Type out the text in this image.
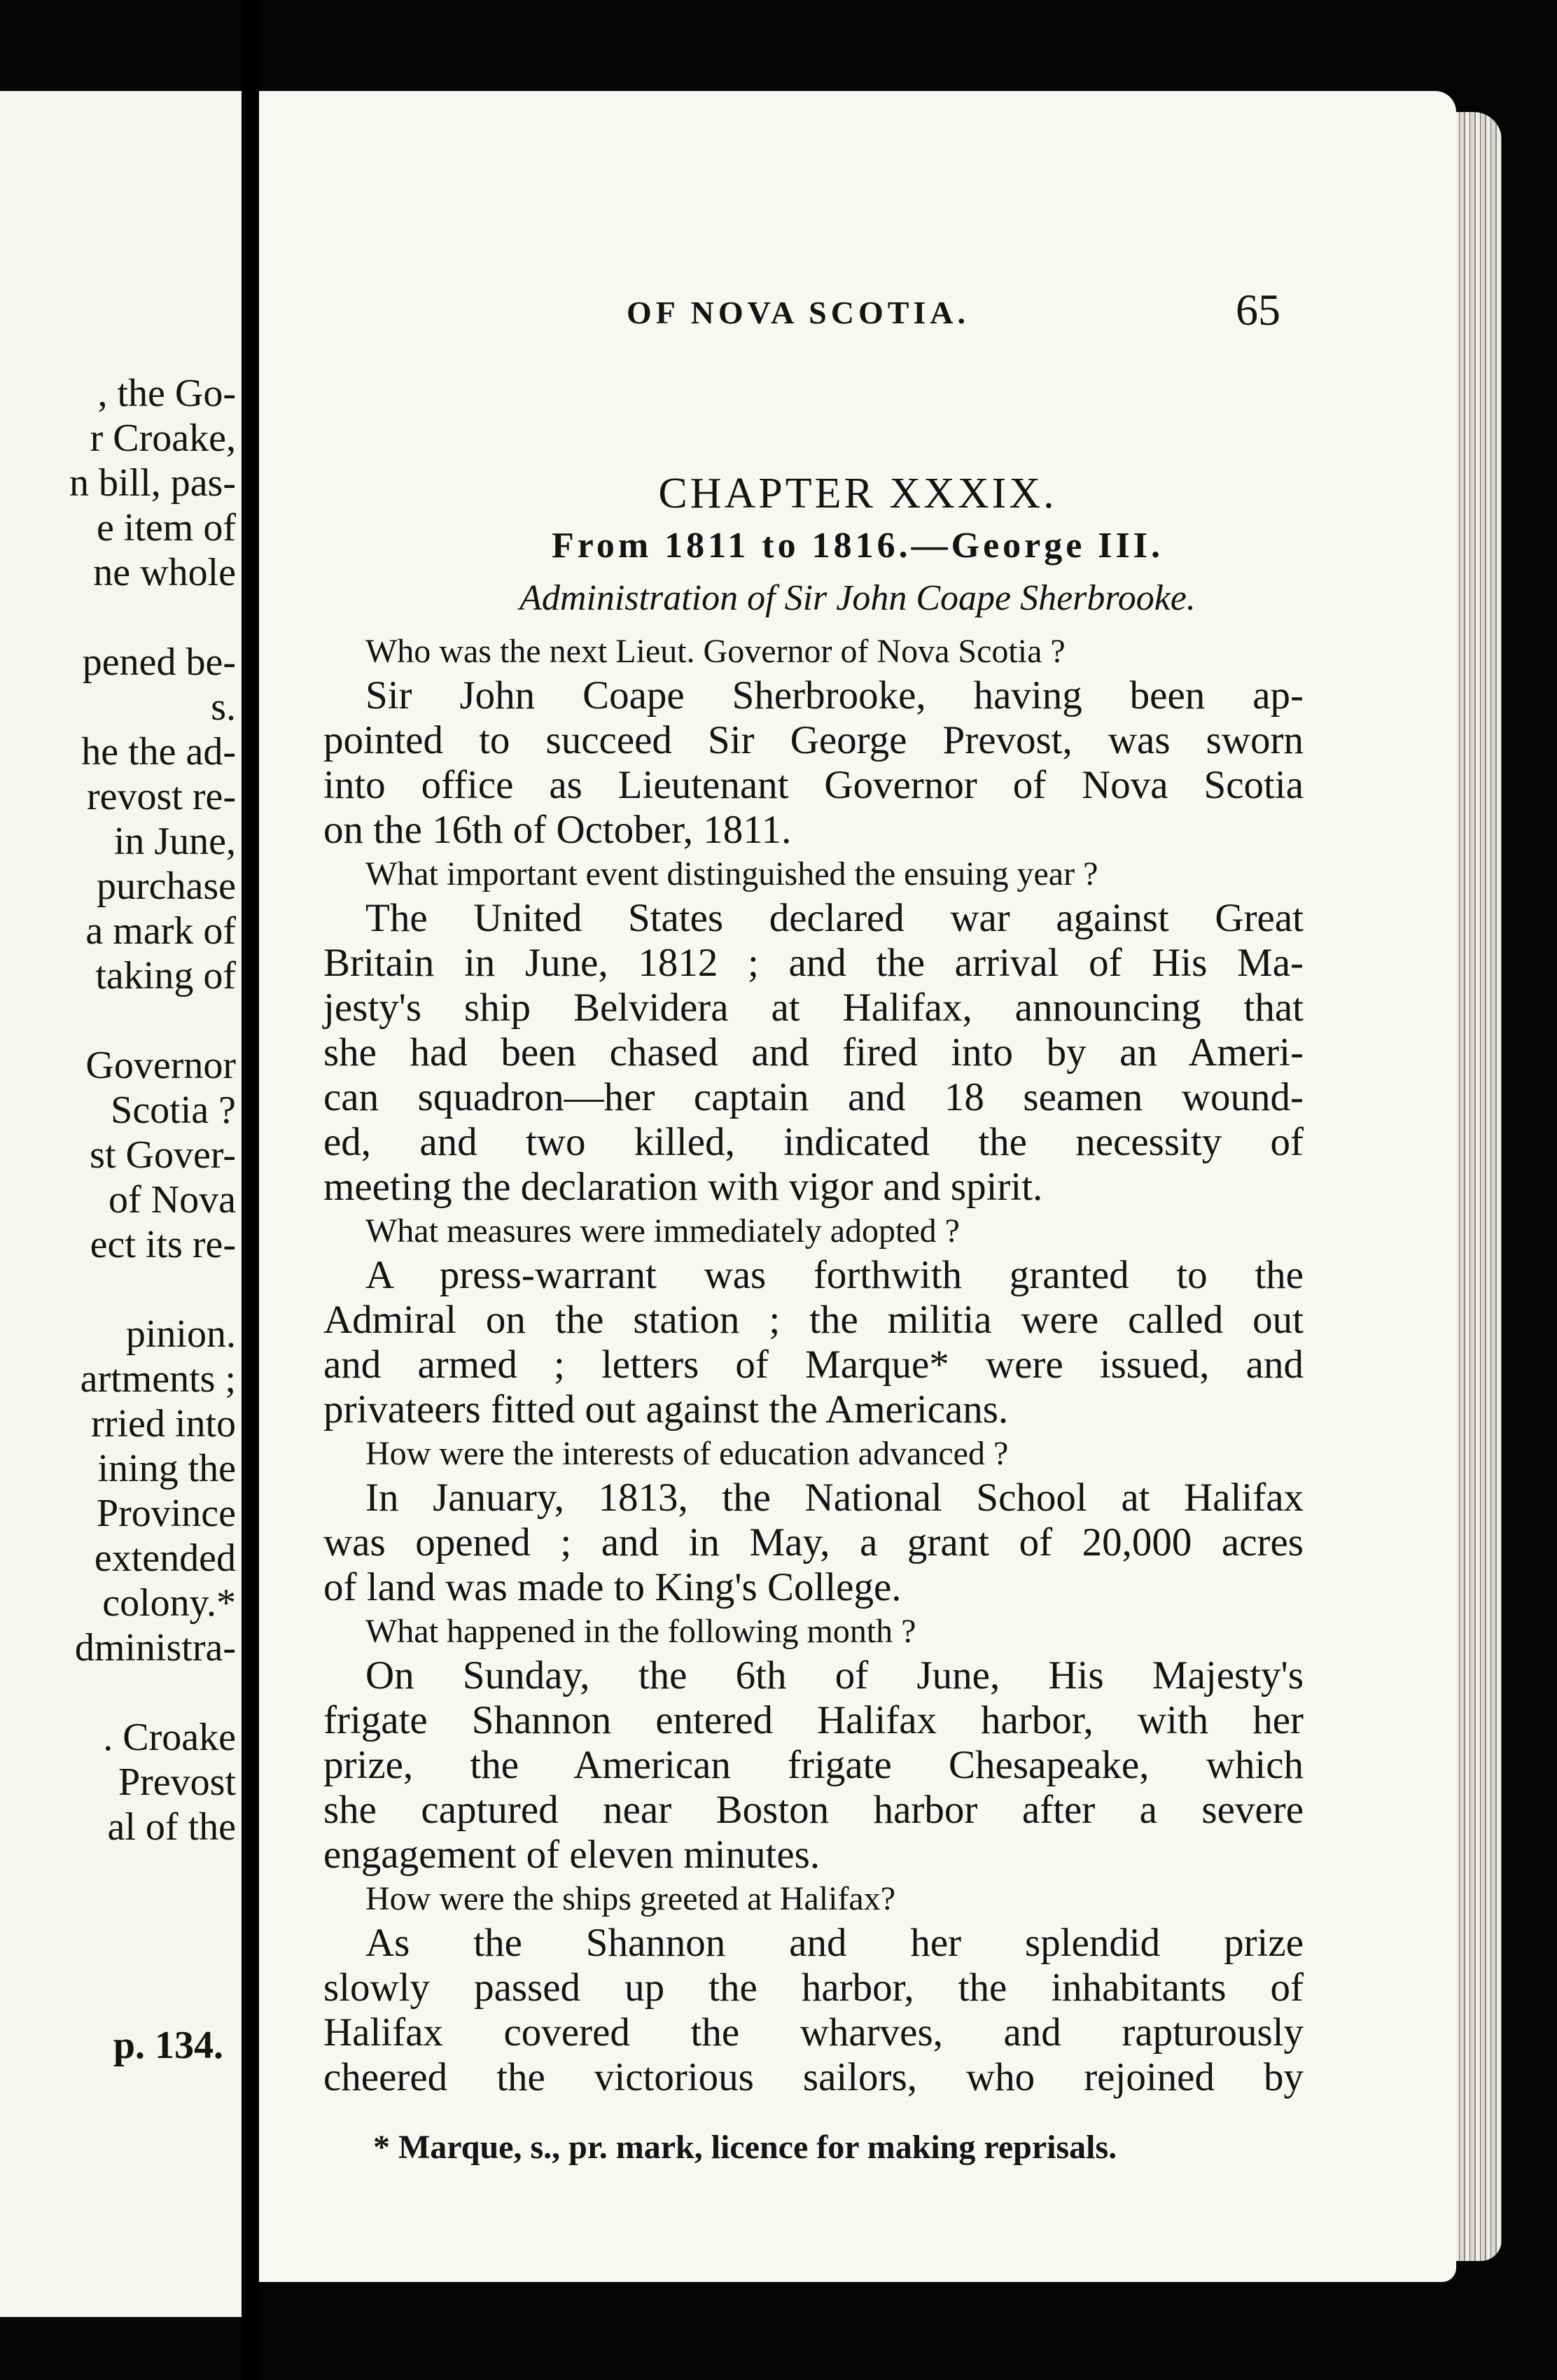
, the Go-
r Croake,
n bill, pas-
e item of
ne whole
pened be-
s.
he the ad-
revost re-
in June,
purchase
a mark of
taking of
Governor
Scotia ?
st Gover-
of Nova
ect its re-
pinion.
artments ;
rried into
ining the
Province
extended
colony.*
dministra-
. Croake
Prevost
al of the
p. 134.
OF NOVA SCOTIA.	65
CHAPTER XXXIX.
From 1811 to 1816.—George III.
Administration of Sir John Coape Sherbrooke.
Who was the next Lieut. Governor of Nova Scotia ?
Sir John Coape Sherbrooke, having been ap-
pointed to succeed Sir George Prevost, was sworn
into office as Lieutenant Governor of Nova Scotia
on the 16th of October, 1811.
What important event distinguished the ensuing year ?
The United States declared war against Great
Britain in June, 1812 ; and the arrival of His Ma-
jesty's ship Belvidera at Halifax, announcing that
she had been chased and fired into by an Ameri-
can squadron—her captain and 18 seamen wound-
ed, and two killed, indicated the necessity of
meeting the declaration with vigor and spirit.
What measures were immediately adopted ?
A press-warrant was forthwith granted to the
Admiral on the station ; the militia were called out
and armed ; letters of Marque* were issued, and
privateers fitted out against the Americans.
How were the interests of education advanced ?
In January, 1813, the National School at Halifax
was opened ; and in May, a grant of 20,000 acres
of land was made to King's College.
What happened in the following month ?
On Sunday, the 6th of June, His Majesty's
frigate Shannon entered Halifax harbor, with her
prize, the American frigate Chesapeake, which
she captured near Boston harbor after a severe
engagement of eleven minutes.
How were the ships greeted at Halifax?
As the Shannon and her splendid prize
slowly passed up the harbor, the inhabitants of
Halifax covered the wharves, and rapturously
cheered the victorious sailors, who rejoined by
* Marque, s., pr. mark, licence for making reprisals.
